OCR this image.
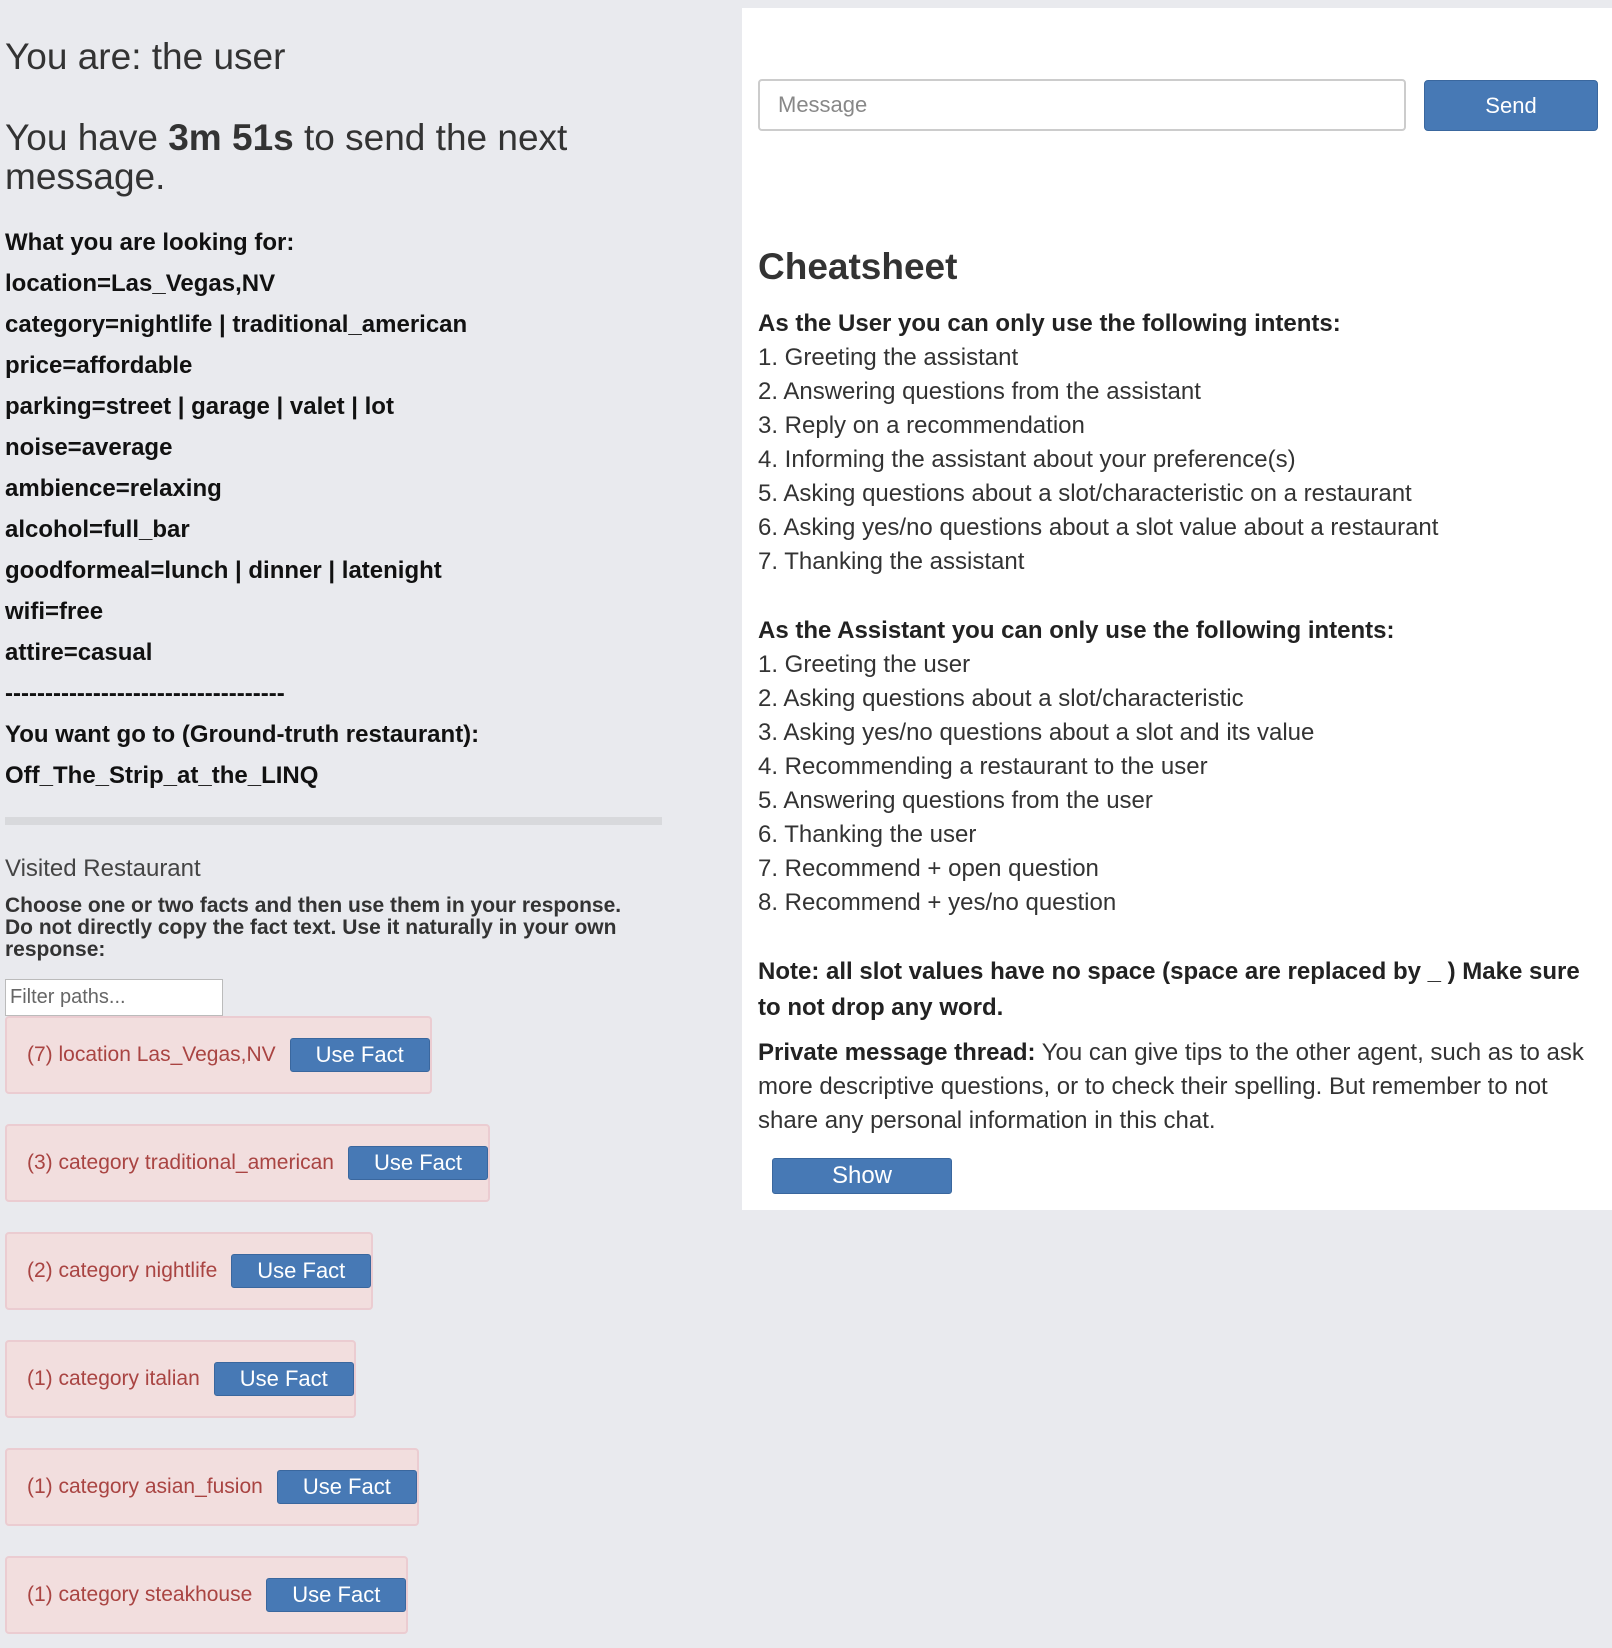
You are: the user
You have 3m 51s to send the next message.
What you are looking for:
location=Las_Vegas,NV
category=nightlife | traditional_american
price=affordable
parking=street | garage | valet | lot
noise=average
ambience=relaxing
alcohol=full_bar
goodformeal=lunch | dinner | latenight
wifi=free
attire=casual
-----------------------------------
You want go to (Ground-truth restaurant):
Off_The_Strip_at_the_LINQ
Visited Restaurant
Choose one or two facts and then use them in your response. Do not directly copy the fact text. Use it naturally in your own response:
Filter paths...
(7) location Las_Vegas,NV	Use Fact
(3) category traditional_american	Use Fact
(2) category nightlife	Use Fact
(1) category italian	Use Fact
(1) category asian_fusion	Use Fact
(1) category steakhouse	Use Fact
Message
Send
Cheatsheet
As the User you can only use the following intents:
1. Greeting the assistant
2. Answering questions from the assistant
3. Reply on a recommendation
4. Informing the assistant about your preference(s)
5. Asking questions about a slot/characteristic on a restaurant
6. Asking yes/no questions about a slot value about a restaurant
7. Thanking the assistant
As the Assistant you can only use the following intents:
1. Greeting the user
2. Asking questions about a slot/characteristic
3. Asking yes/no questions about a slot and its value
4. Recommending a restaurant to the user
5. Answering questions from the user
6. Thanking the user
7. Recommend + open question
8. Recommend + yes/no question
Note: all slot values have no space (space are replaced by _ ) Make sure to not drop any word.
Private message thread: You can give tips to the other agent, such as to ask more descriptive questions, or to check their spelling. But remember to not share any personal information in this chat.
Show
